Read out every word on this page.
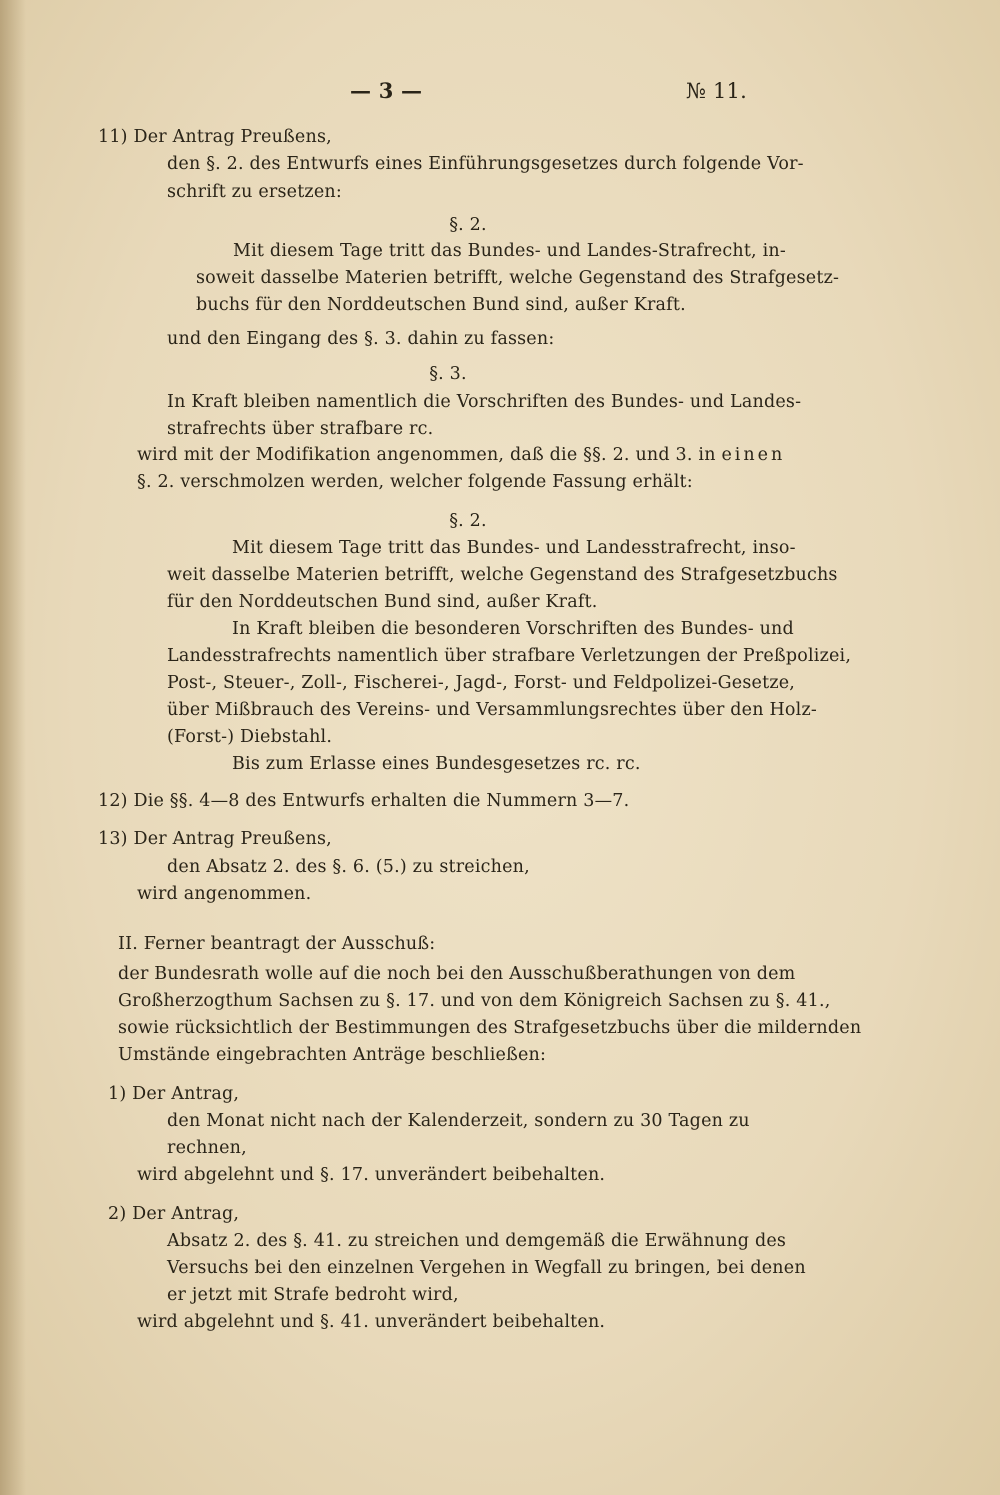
— 3 —	№ 11.
11) Der Antrag Preußens,
den §. 2. des Entwurfs eines Einführungsgesetzes durch folgende Vor-
schrift zu ersetzen:
§. 2.
Mit diesem Tage tritt das Bundes- und Landes-Strafrecht, in-
soweit dasselbe Materien betrifft, welche Gegenstand des Strafgesetz-
buchs für den Norddeutschen Bund sind, außer Kraft.
und den Eingang des §. 3. dahin zu fassen:
§. 3.
In Kraft bleiben namentlich die Vorschriften des Bundes- und Landes-
strafrechts über strafbare rc.
wird mit der Modifikation angenommen, daß die §§. 2. und 3. in einen
§. 2. verschmolzen werden, welcher folgende Fassung erhält:
§. 2.
Mit diesem Tage tritt das Bundes- und Landesstrafrecht, inso-
weit dasselbe Materien betrifft, welche Gegenstand des Strafgesetzbuchs
für den Norddeutschen Bund sind, außer Kraft.
In Kraft bleiben die besonderen Vorschriften des Bundes- und
Landesstrafrechts namentlich über strafbare Verletzungen der Preßpolizei,
Post-, Steuer-, Zoll-, Fischerei-, Jagd-, Forst- und Feldpolizei-Gesetze,
über Mißbrauch des Vereins- und Versammlungsrechtes über den Holz-
(Forst-) Diebstahl.
Bis zum Erlasse eines Bundesgesetzes rc. rc.
12) Die §§. 4—8 des Entwurfs erhalten die Nummern 3—7.
13) Der Antrag Preußens,
den Absatz 2. des §. 6. (5.) zu streichen,
wird angenommen.
II. Ferner beantragt der Ausschuß:
der Bundesrath wolle auf die noch bei den Ausschußberathungen von dem
Großherzogthum Sachsen zu §. 17. und von dem Königreich Sachsen zu §. 41.,
sowie rücksichtlich der Bestimmungen des Strafgesetzbuchs über die mildernden
Umstände eingebrachten Anträge beschließen:
1) Der Antrag,
den Monat nicht nach der Kalenderzeit, sondern zu 30 Tagen zu
rechnen,
wird abgelehnt und §. 17. unverändert beibehalten.
2) Der Antrag,
Absatz 2. des §. 41. zu streichen und demgemäß die Erwähnung des
Versuchs bei den einzelnen Vergehen in Wegfall zu bringen, bei denen
er jetzt mit Strafe bedroht wird,
wird abgelehnt und §. 41. unverändert beibehalten.
